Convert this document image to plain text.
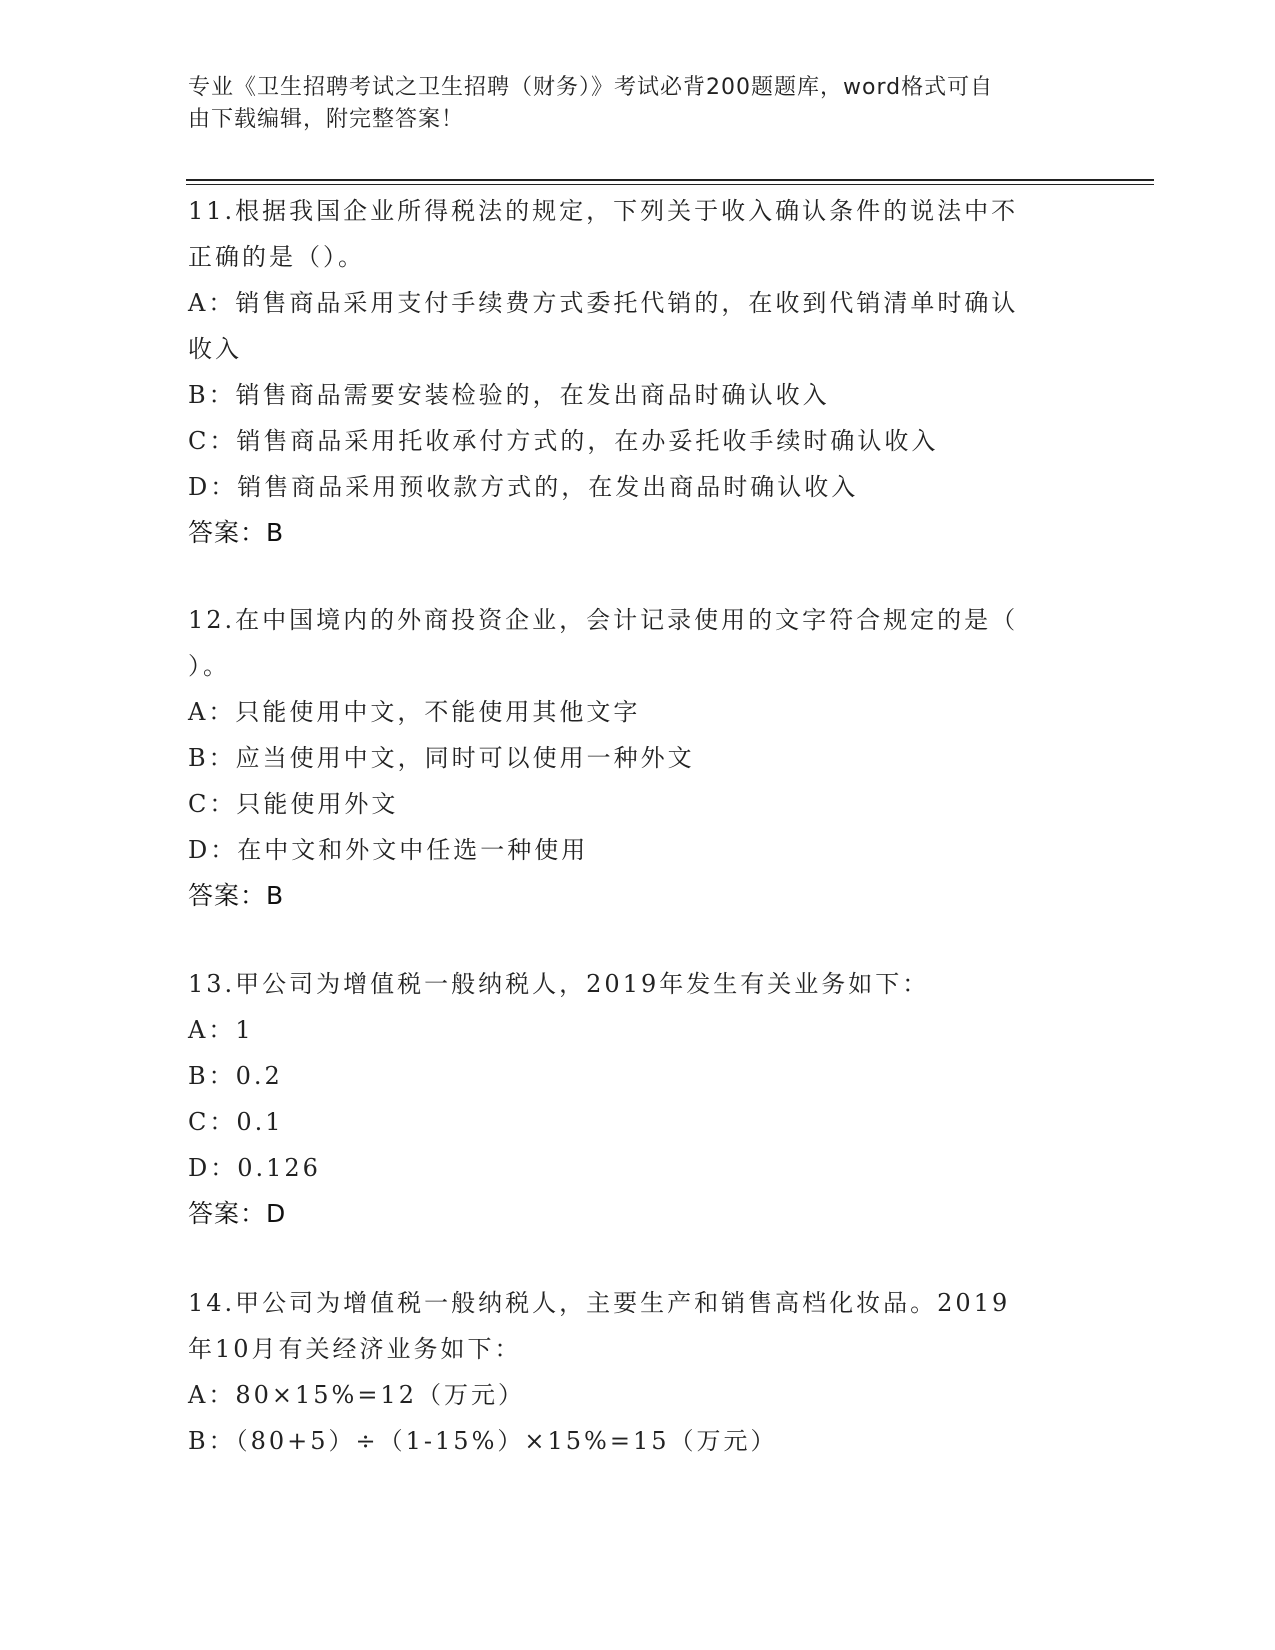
专业《卫生招聘考试之卫生招聘（财务）》考试必背200题题库，word格式可自
由下载编辑，附完整答案！
11.根据我国企业所得税法的规定，下列关于收入确认条件的说法中不
正确的是（）。
A：销售商品采用支付手续费方式委托代销的，在收到代销清单时确认
收入
B：销售商品需要安装检验的，在发出商品时确认收入
C：销售商品采用托收承付方式的，在办妥托收手续时确认收入
D：销售商品采用预收款方式的，在发出商品时确认收入
答案：B
12.在中国境内的外商投资企业，会计记录使用的文字符合规定的是（
）。
A：只能使用中文，不能使用其他文字
B：应当使用中文，同时可以使用一种外文
C：只能使用外文
D：在中文和外文中任选一种使用
答案：B
13.甲公司为增值税一般纳税人，2019年发生有关业务如下：
A：1
B：0.2
C：0.1
D：0.126
答案：D
14.甲公司为增值税一般纳税人，主要生产和销售高档化妆品。2019
年10月有关经济业务如下：
A：80×15%=12（万元）
B：（80+5）÷（1-15%）×15%=15（万元）
